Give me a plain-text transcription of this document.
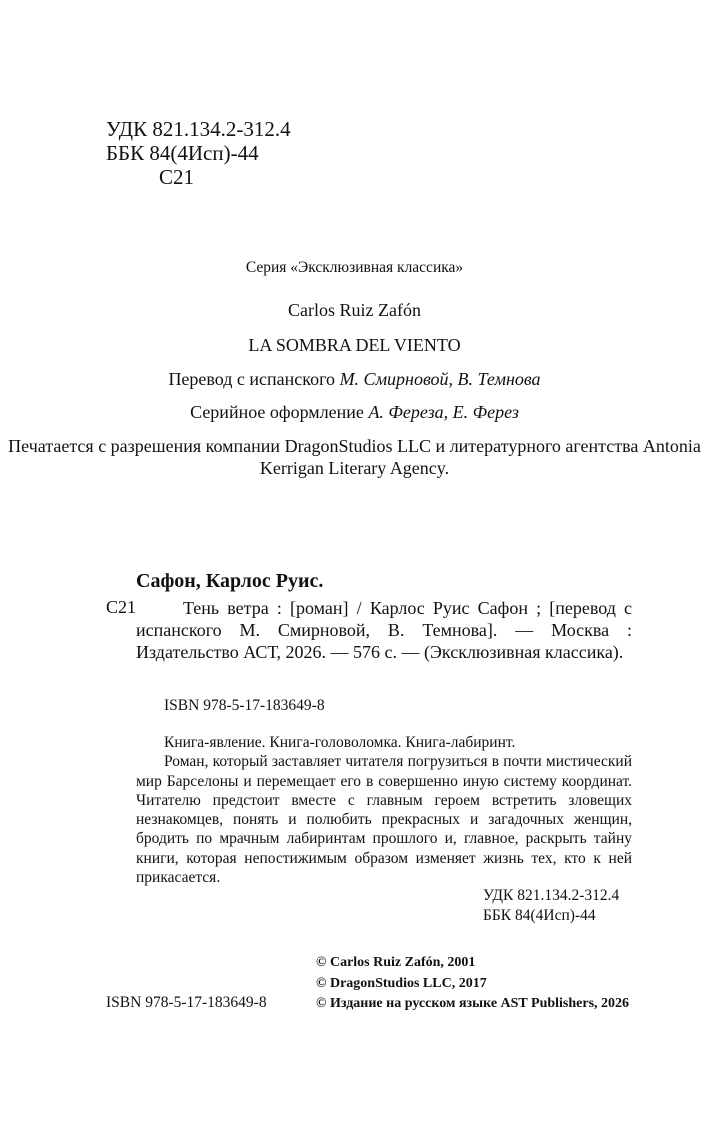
УДК 821.134.2-312.4
ББК 84(4Исп)-44
С21
Серия «Эксклюзивная классика»
Carlos Ruiz Zafón
LA SOMBRA DEL VIENTO
Перевод с испанского М. Смирновой, В. Темнова
Серийное оформление А. Фереза, Е. Ферез
Печатается с разрешения компании DragonStudios LLC и литературного агентства Antonia Kerrigan Literary Agency.
Сафон, Карлос Руис.
С21	Тень ветра : [роман] / Карлос Руис Сафон ; [перевод с испанского М. Смирновой, В. Темнова]. — Москва : Издательство АСТ, 2026. — 576 с. — (Эксклюзивная классика).
ISBN 978-5-17-183649-8

Книга-явление. Книга-головоломка. Книга-лабиринт.

Роман, который заставляет читателя погрузиться в почти мистический мир Барселоны и перемещает его в совершенно иную систему координат. Читателю предстоит вместе с главным героем встретить зловещих незнакомцев, понять и полюбить прекрасных и загадочных женщин, бродить по мрачным лабиринтам прошлого и, главное, раскрыть тайну книги, которая непостижимым образом изменяет жизнь тех, кто к ней прикасается.

УДК 821.134.2-312.4
ББК 84(4Исп)-44
© Carlos Ruiz Zafón, 2001
© DragonStudios LLC, 2017
© Издание на русском языке AST Publishers, 2026
ISBN 978-5-17-183649-8
